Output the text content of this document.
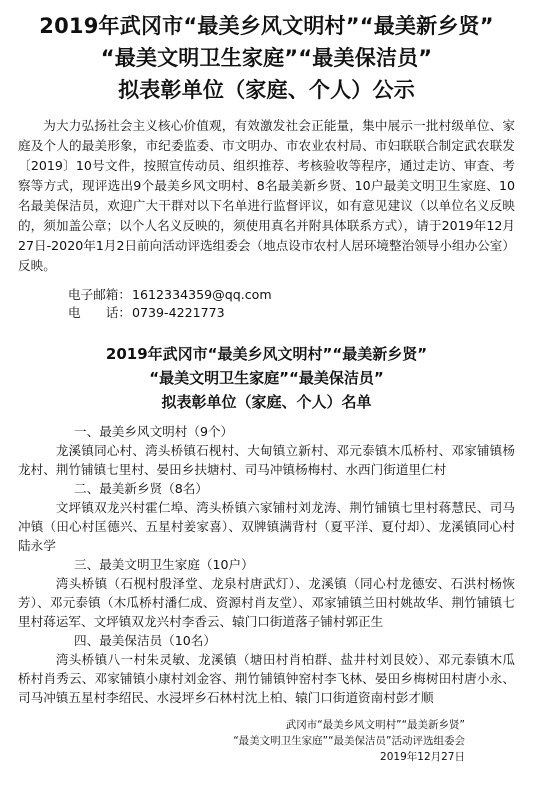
2019年武冈市“最美乡风文明村”“最美新乡贤”
“最美文明卫生家庭”“最美保洁员”
拟表彰单位（家庭、个人）公示
为大力弘扬社会主义核心价值观，有效激发社会正能量，集中展示一批村级单位、家庭及个人的最美形象，市纪委监委、市文明办、市农业农村局、市妇联联合制定武农联发〔2019〕10号文件，按照宣传动员、组织推荐、考核验收等程序，通过走访、审查、考察等方式，现评选出9个最美乡风文明村、8名最美新乡贤、10户最美文明卫生家庭、10名最美保洁员，欢迎广大干群对以下名单进行监督评议，如有意见建议（以单位名义反映的，须加盖公章；以个人名义反映的，须使用真名并附具体联系方式），请于2019年12月27日-2020年1月2日前向活动评选组委会（地点设市农村人居环境整治领导小组办公室）反映。
电子邮箱：1612334359@qq.com
电　　话：0739-4221773
2019年武冈市“最美乡风文明村”“最美新乡贤”
“最美文明卫生家庭”“最美保洁员”
拟表彰单位（家庭、个人）名单
一、最美乡风文明村（9个）
龙溪镇同心村、湾头桥镇石枧村、大甸镇立新村、邓元泰镇木瓜桥村、邓家铺镇杨龙村、荆竹铺镇七里村、晏田乡扶塘村、司马冲镇杨梅村、水西门街道里仁村
二、最美新乡贤（8名）
文坪镇双龙兴村霍仁埠、湾头桥镇六家铺村刘龙涛、荆竹铺镇七里村蒋慧民、司马冲镇（田心村匡德兴、五星村姜家喜）、双牌镇满背村（夏平洋、夏付却）、龙溪镇同心村陆永学
三、最美文明卫生家庭（10户）
湾头桥镇（石枧村殷泽堂、龙泉村唐武灯）、龙溪镇（同心村龙德安、石洪村杨恢芳）、邓元泰镇（木瓜桥村潘仁成、资源村肖友堂）、邓家铺镇兰田村姚故华、荆竹铺镇七里村蒋运军、文坪镇双龙兴村李香云、辕门口街道落子铺村郭正生
四、最美保洁员（10名）
湾头桥镇八一村朱灵敏、龙溪镇（塘田村肖柏群、盐井村刘艮姣）、邓元泰镇木瓜桥村肖秀云、邓家铺镇小康村刘金容、荆竹铺镇钟窑村李飞林、晏田乡梅树田村唐小永、司马冲镇五星村李绍民、水浸坪乡石林村沈上柏、辕门口街道资南村彭才顺
武冈市“最美乡风文明村”“最美新乡贤”
“最美文明卫生家庭”“最美保洁员”活动评选组委会
2019年12月27日
